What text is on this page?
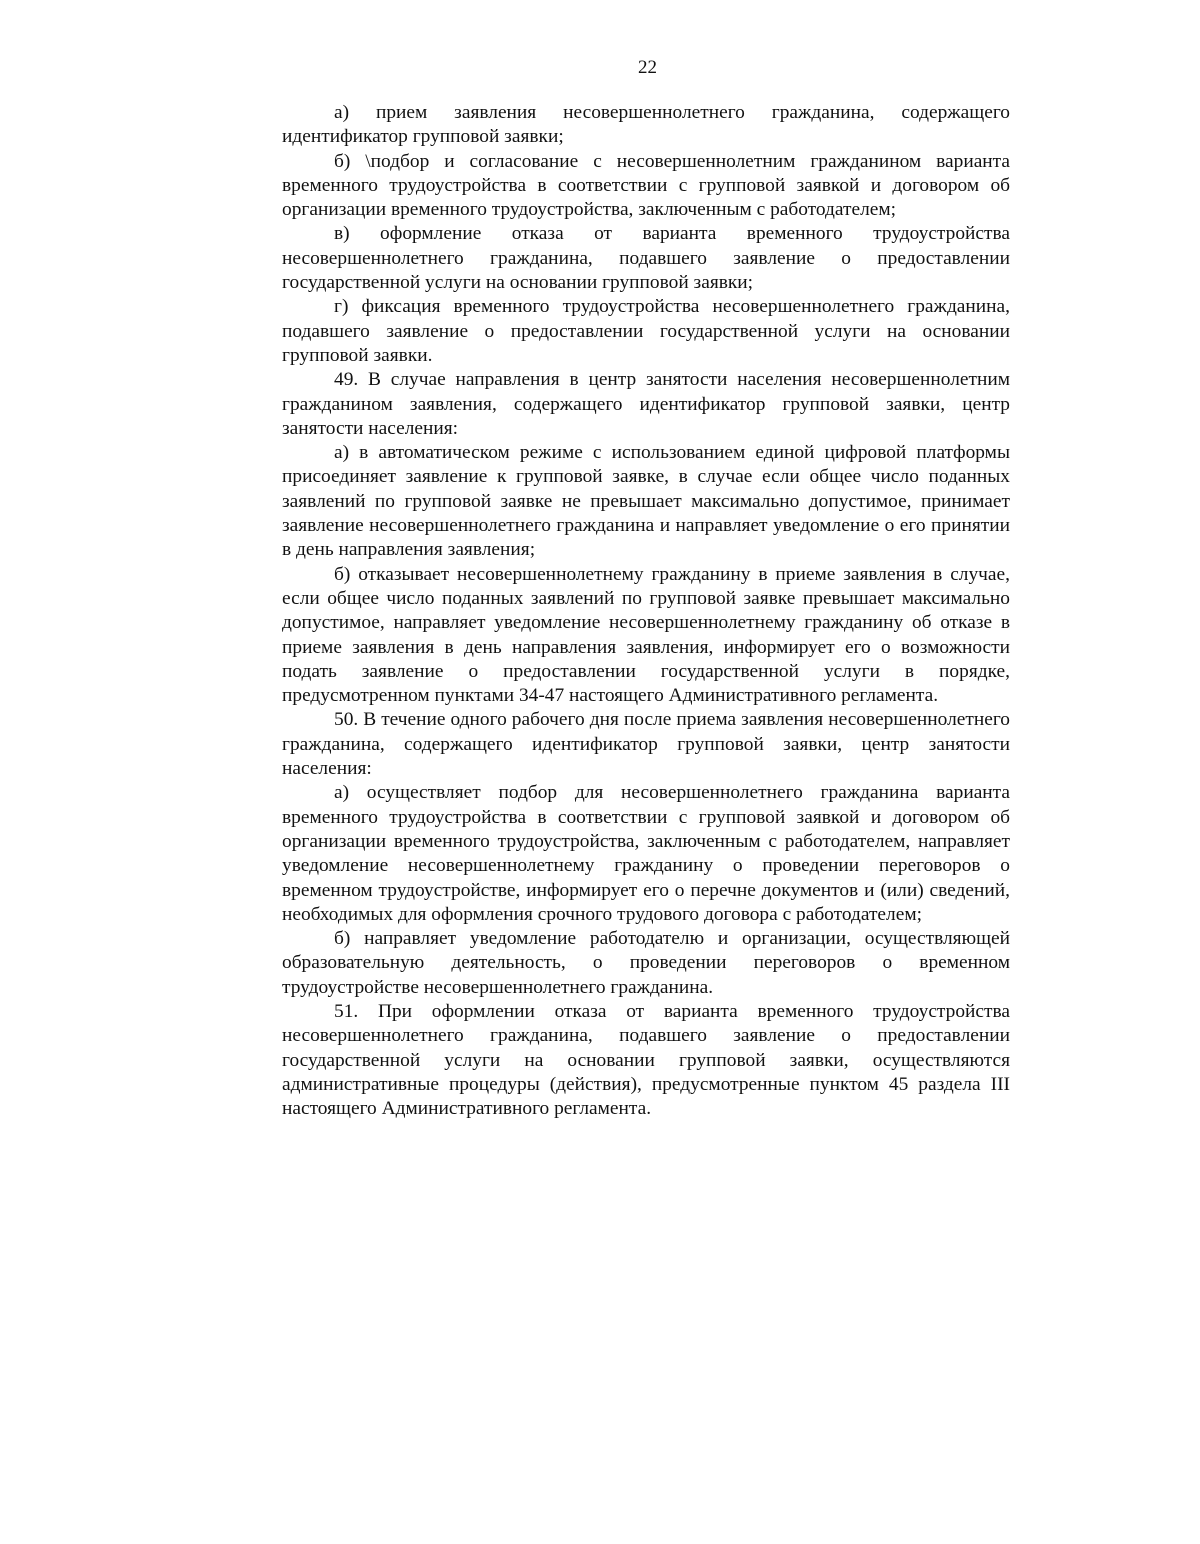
22

а) прием заявления несовершеннолетнего гражданина, содержащего идентификатор групповой заявки;

б) \подбор и согласование с несовершеннолетним гражданином варианта временного трудоустройства в соответствии с групповой заявкой и договором об организации временного трудоустройства, заключенным с работодателем;

в) оформление отказа от варианта временного трудоустройства несовершеннолетнего гражданина, подавшего заявление о предоставлении государственной услуги на основании групповой заявки;

г) фиксация временного трудоустройства несовершеннолетнего гражданина, подавшего заявление о предоставлении государственной услуги на основании групповой заявки.

49. В случае направления в центр занятости населения несовершеннолетним гражданином заявления, содержащего идентификатор групповой заявки, центр занятости населения:

а) в автоматическом режиме с использованием единой цифровой платформы присоединяет заявление к групповой заявке, в случае если общее число поданных заявлений по групповой заявке не превышает максимально допустимое, принимает заявление несовершеннолетнего гражданина и направляет уведомление о его принятии в день направления заявления;

б) отказывает несовершеннолетнему гражданину в приеме заявления в случае, если общее число поданных заявлений по групповой заявке превышает максимально допустимое, направляет уведомление несовершеннолетнему гражданину об отказе в приеме заявления в день направления заявления, информирует его о возможности подать заявление о предоставлении государственной услуги в порядке, предусмотренном пунктами 34-47 настоящего Административного регламента.

50. В течение одного рабочего дня после приема заявления несовершеннолетнего гражданина, содержащего идентификатор групповой заявки, центр занятости населения:

а) осуществляет подбор для несовершеннолетнего гражданина варианта временного трудоустройства в соответствии с групповой заявкой и договором об организации временного трудоустройства, заключенным с работодателем, направляет уведомление несовершеннолетнему гражданину о проведении переговоров о временном трудоустройстве, информирует его о перечне документов и (или) сведений, необходимых для оформления срочного трудового договора с работодателем;

б) направляет уведомление работодателю и организации, осуществляющей образовательную деятельность, о проведении переговоров о временном трудоустройстве несовершеннолетнего гражданина.

51. При оформлении отказа от варианта временного трудоустройства несовершеннолетнего гражданина, подавшего заявление о предоставлении государственной услуги на основании групповой заявки, осуществляются административные процедуры (действия), предусмотренные пунктом 45 раздела III настоящего Административного регламента.
